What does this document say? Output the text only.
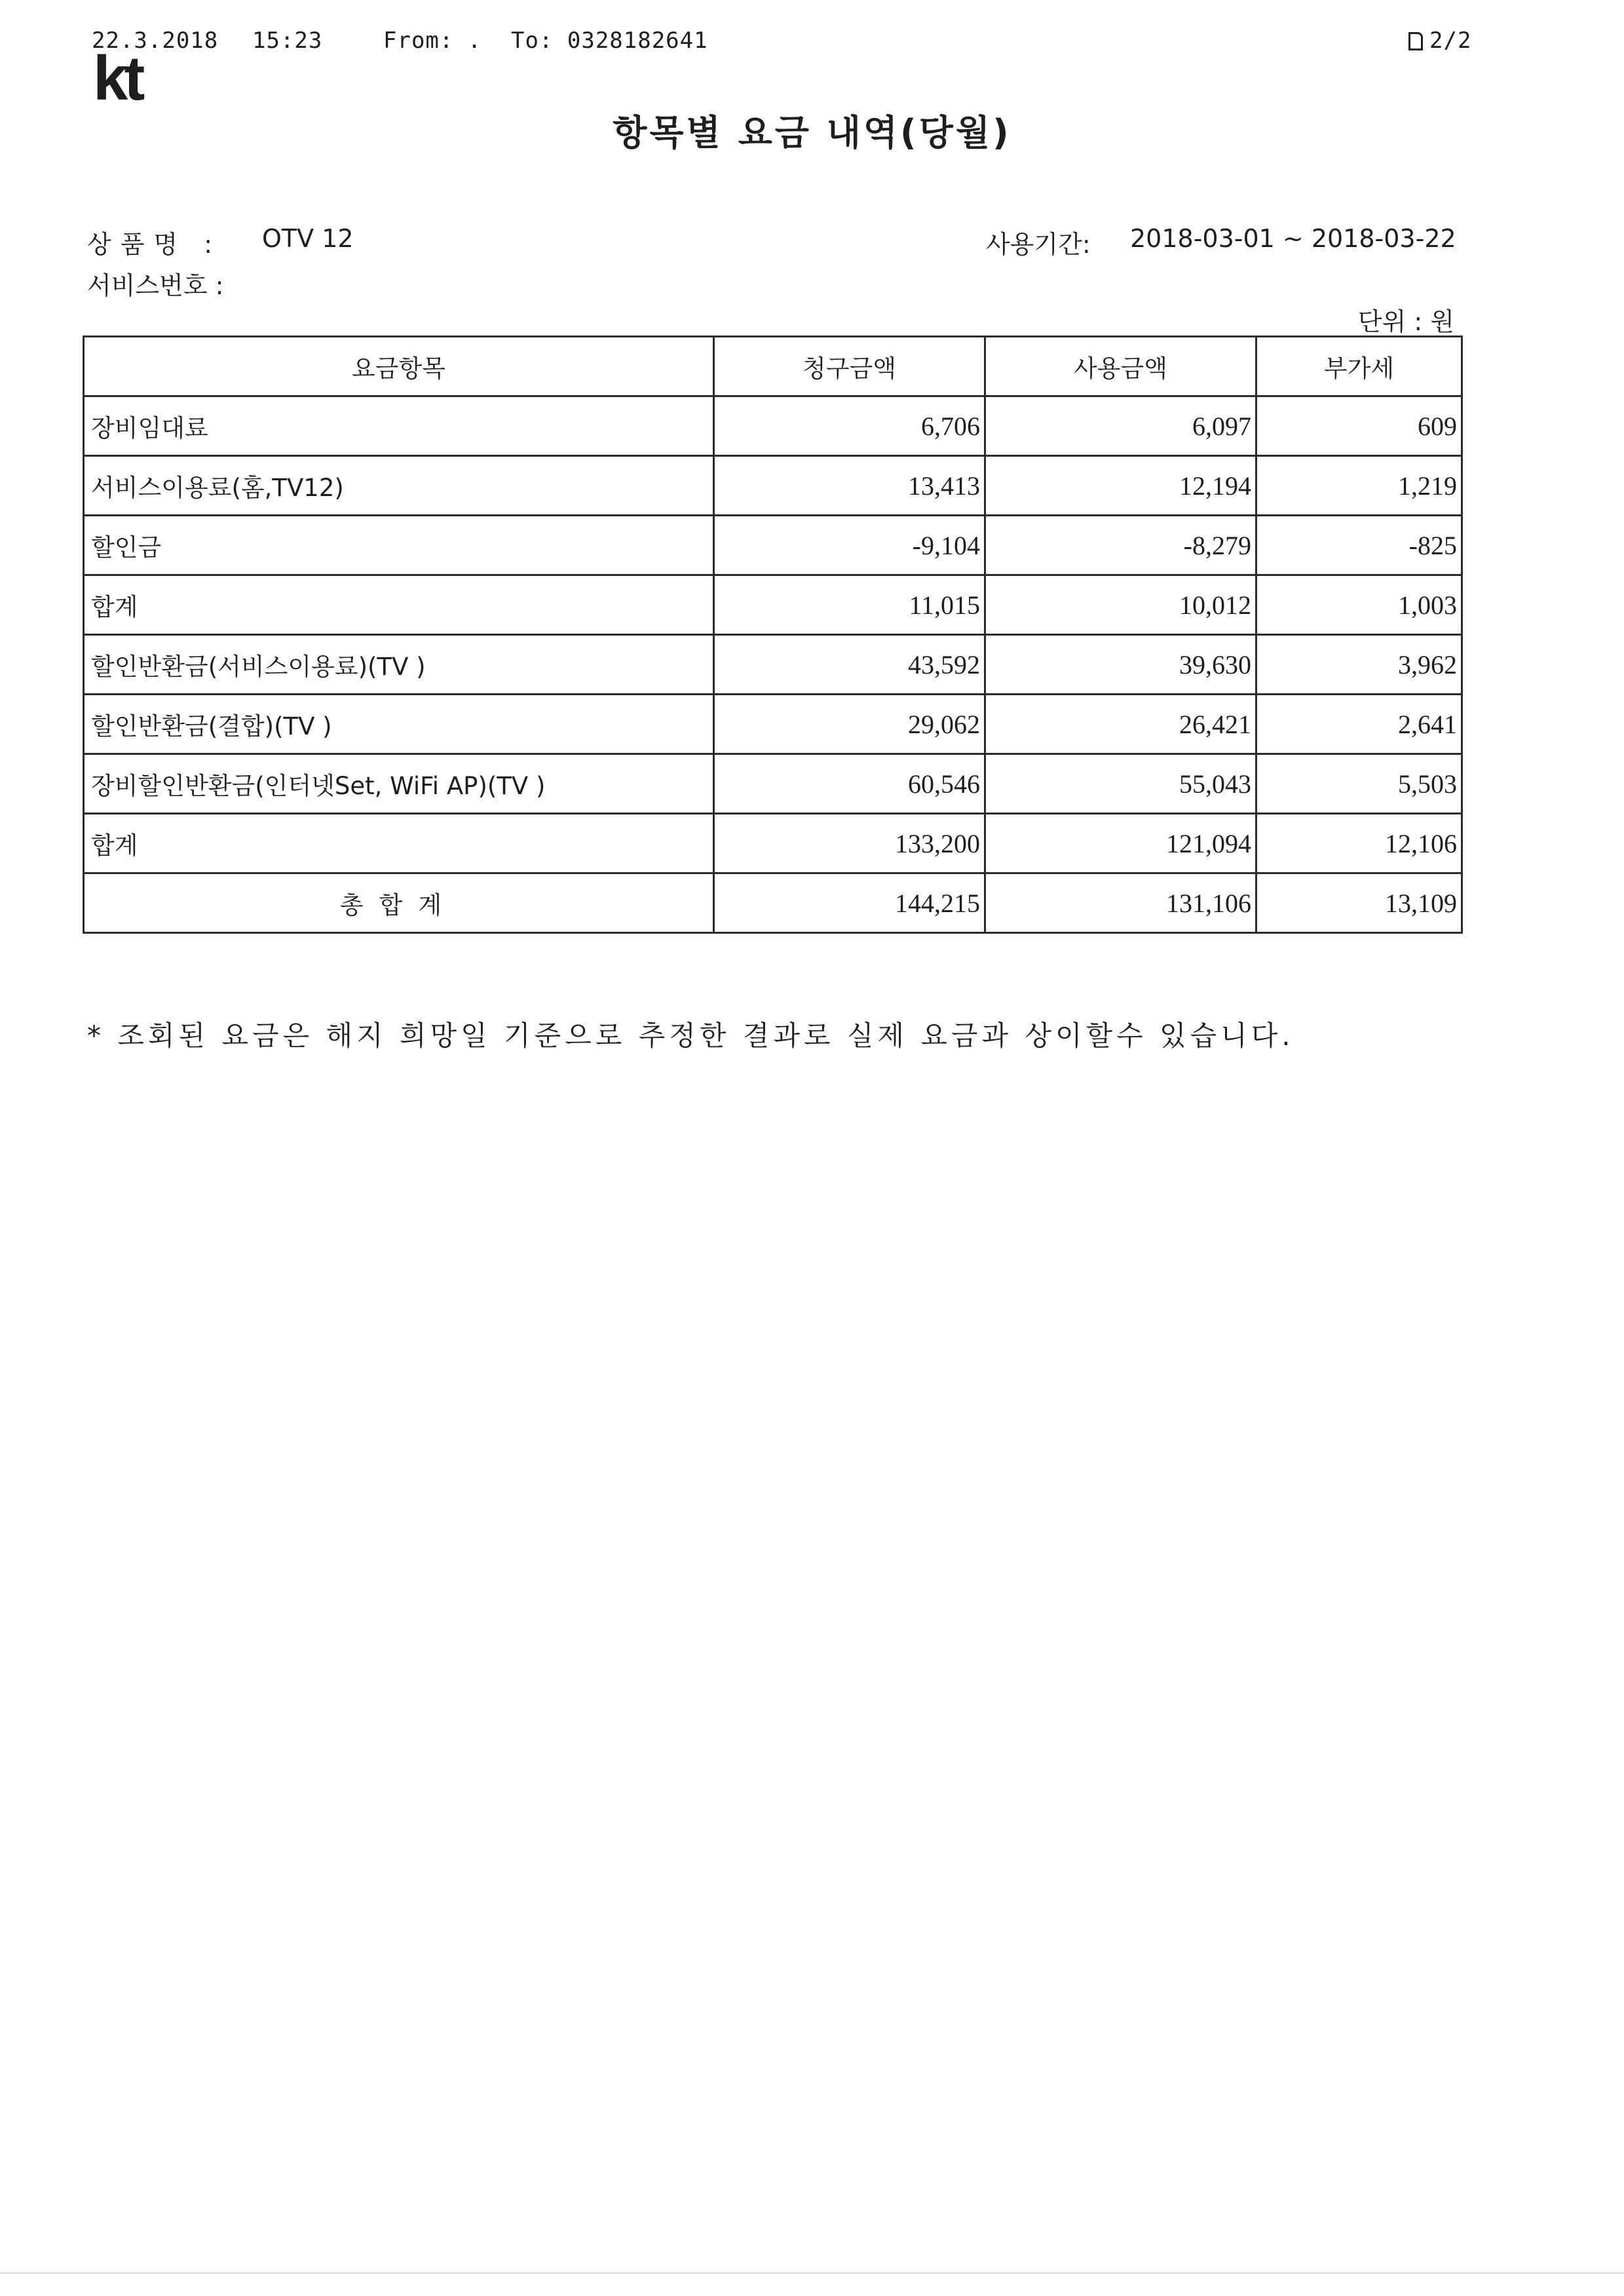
22.3.2018 15:23	From: . To: 0328182641	2/2
kt
항목별 요금 내역(당월)
상품명 : OTV 12	사용기간: 2018-03-01 ~ 2018-03-22
서비스번호 :
단위 : 원
요금항목	청구금액	사용금액	부가세
장비임대료	6,706	6,097	609
서비스이용료(홈,TV12)	13,413	12,194	1,219
할인금	-9,104	-8,279	-825
합계	11,015	10,012	1,003
할인반환금(서비스이용료)(TV )	43,592	39,630	3,962
할인반환금(결합)(TV )	29,062	26,421	2,641
장비할인반환금(인터넷Set, WiFi AP)(TV )	60,546	55,043	5,503
합계	133,200	121,094	12,106
총합계	144,215	131,106	13,109
* 조회된 요금은 해지 희망일 기준으로 추정한 결과로 실제 요금과 상이할수 있습니다.
